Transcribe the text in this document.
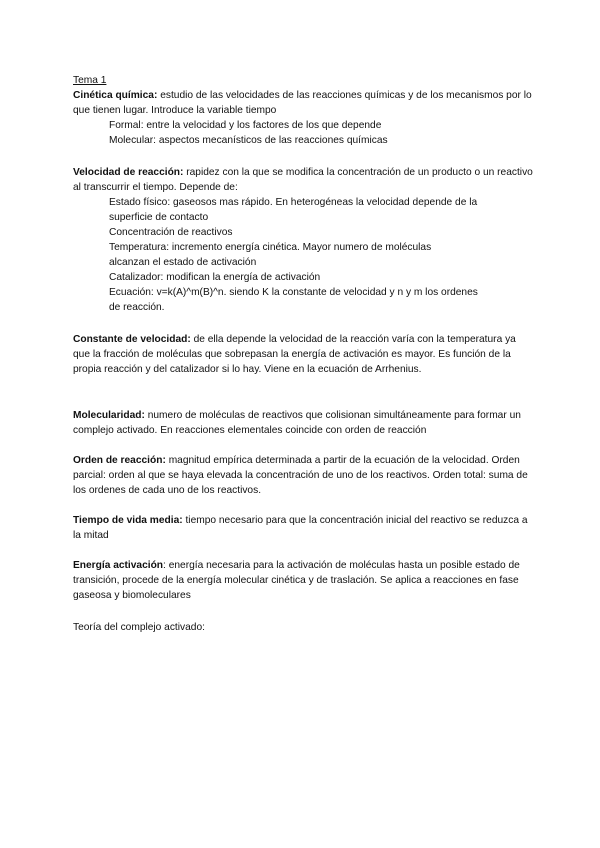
Tema 1

Cinética química: estudio de las velocidades de las reacciones químicas y de los mecanismos por lo que tienen lugar. Introduce la variable tiempo

Formal: entre la velocidad y los factores de los que depende

Molecular: aspectos mecanísticos de las reacciones químicas

Velocidad de reacción: rapidez con la que se modifica la concentración de un producto o un reactivo al transcurrir el tiempo. Depende de:

Estado físico: gaseosos mas rápido. En heterogéneas la velocidad depende de la superficie de contacto

Concentración de reactivos

Temperatura: incremento energía cinética. Mayor numero de moléculas alcanzan el estado de activación

Catalizador: modifican la energía de activación

Ecuación: v=k(A)^m(B)^n. siendo K la constante de velocidad y n y m los ordenes de reacción.

Constante de velocidad: de ella depende la velocidad de la reacción varía con la temperatura ya que la fracción de moléculas que sobrepasan la energía de activación es mayor. Es función de la propia reacción y del catalizador si lo hay. Viene en la ecuación de Arrhenius.

Molecularidad: numero de moléculas de reactivos que colisionan simultáneamente para formar un complejo activado. En reacciones elementales coincide con orden de reacción

Orden de reacción: magnitud empírica determinada a partir de la ecuación de la velocidad. Orden parcial: orden al que se haya elevada la concentración de uno de los reactivos. Orden total: suma de los ordenes de cada uno de los reactivos.

Tiempo de vida media: tiempo necesario para que la concentración inicial del reactivo se reduzca a la mitad

Energía activación: energía necesaria para la activación de moléculas hasta un posible estado de transición, procede de la energía molecular cinética y de traslación. Se aplica a reacciones en fase gaseosa y biomoleculares

Teoría del complejo activado:
